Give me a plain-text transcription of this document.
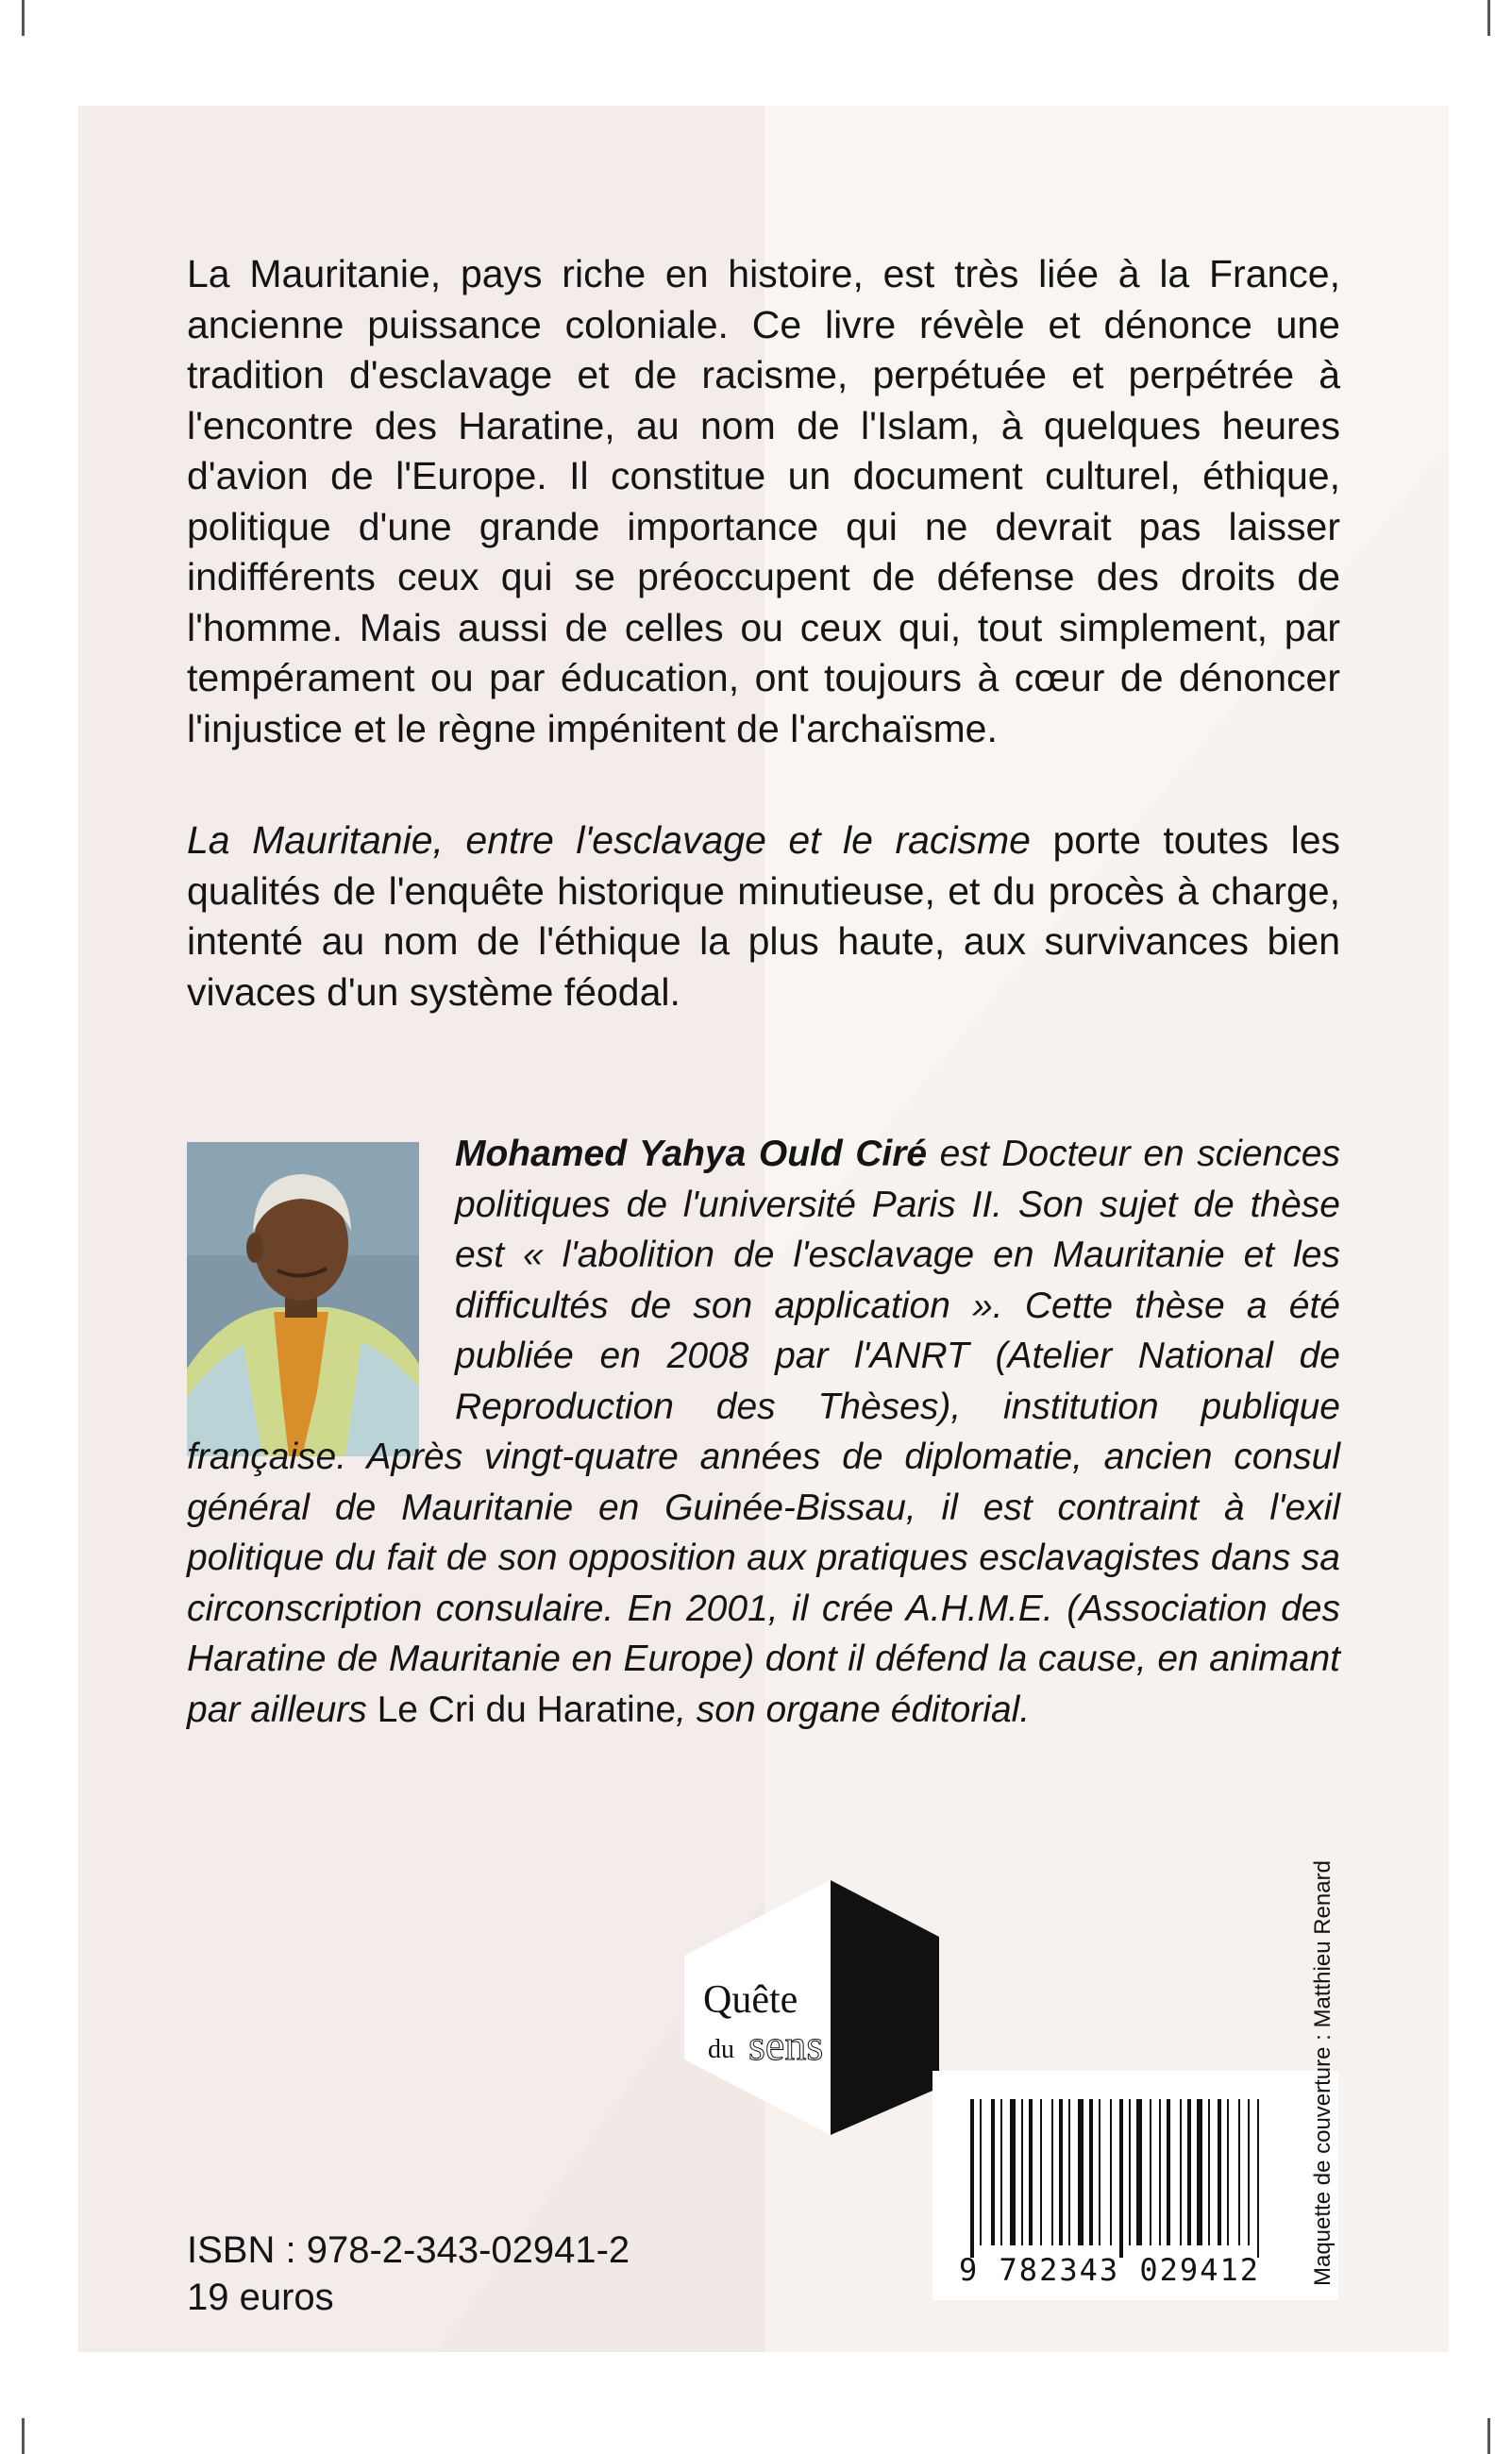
La Mauritanie, pays riche en histoire, est très liée à la France, ancienne puissance coloniale. Ce livre révèle et dénonce une tradition d'esclavage et de racisme, perpétuée et perpétrée à l'encontre des Haratine, au nom de l'Islam, à quelques heures d'avion de l'Europe. Il constitue un document culturel, éthique, politique d'une grande importance qui ne devrait pas laisser indifférents ceux qui se préoccupent de défense des droits de l'homme. Mais aussi de celles ou ceux qui, tout simplement, par tempérament ou par éducation, ont toujours à cœur de dénoncer l'injustice et le règne impénitent de l'archaïsme.

La Mauritanie, entre l'esclavage et le racisme porte toutes les qualités de l'enquête historique minutieuse, et du procès à charge, intenté au nom de l'éthique la plus haute, aux survivances bien vivaces d'un système féodal.

Mohamed Yahya Ould Ciré est Docteur en sciences politiques de l'université Paris II. Son sujet de thèse est « l'abolition de l'esclavage en Mauritanie et les difficultés de son application ». Cette thèse a été publiée en 2008 par l'ANRT (Atelier National de Reproduction des Thèses), institution publique française. Après vingt-quatre années de diplomatie, ancien consul général de Mauritanie en Guinée-Bissau, il est contraint à l'exil politique du fait de son opposition aux pratiques esclavagistes dans sa circonscription consulaire. En 2001, il crée A.H.M.E. (Association des Haratine de Mauritanie en Europe) dont il défend la cause, en animant par ailleurs Le Cri du Haratine, son organe éditorial.

Quête
du sens
9 782343 029412
ISBN : 978-2-343-02941-2
19 euros
Maquette de couverture : Matthieu Renard
